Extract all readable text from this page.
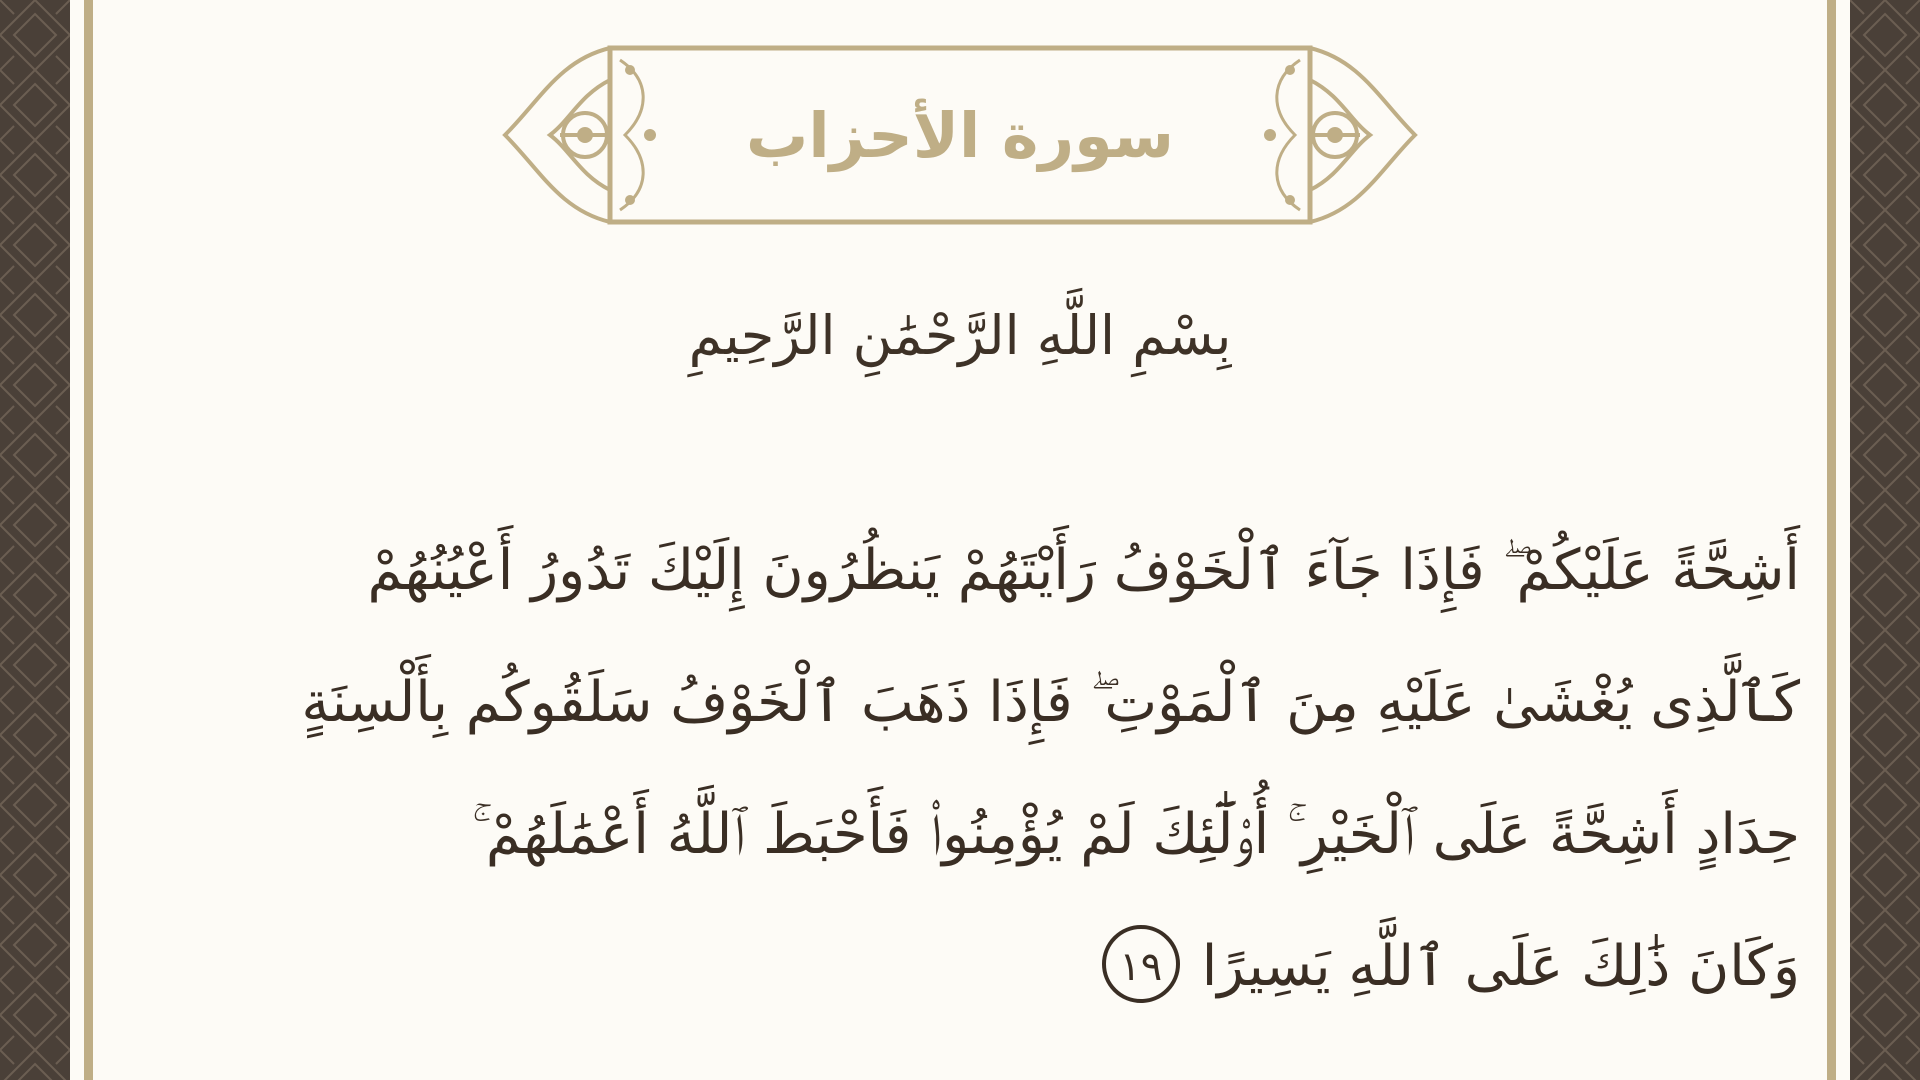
سورة الأحزاب
بِسْمِ اللَّهِ الرَّحْمَٰنِ الرَّحِيمِ
أَشِحَّةً عَلَيْكُمْ ۖ فَإِذَا جَآءَ ٱلْخَوْفُ رَأَيْتَهُمْ يَنظُرُونَ إِلَيْكَ تَدُورُ أَعْيُنُهُمْ
كَٱلَّذِى يُغْشَىٰ عَلَيْهِ مِنَ ٱلْمَوْتِ ۖ فَإِذَا ذَهَبَ ٱلْخَوْفُ سَلَقُوكُم بِأَلْسِنَةٍ
حِدَادٍ أَشِحَّةً عَلَى ٱلْخَيْرِ ۚ أُو۟لَٰٓئِكَ لَمْ يُؤْمِنُوا۟ فَأَحْبَطَ ٱللَّهُ أَعْمَٰلَهُمْ ۚ
وَكَانَ ذَٰلِكَ عَلَى ٱللَّهِ يَسِيرًا١٩
